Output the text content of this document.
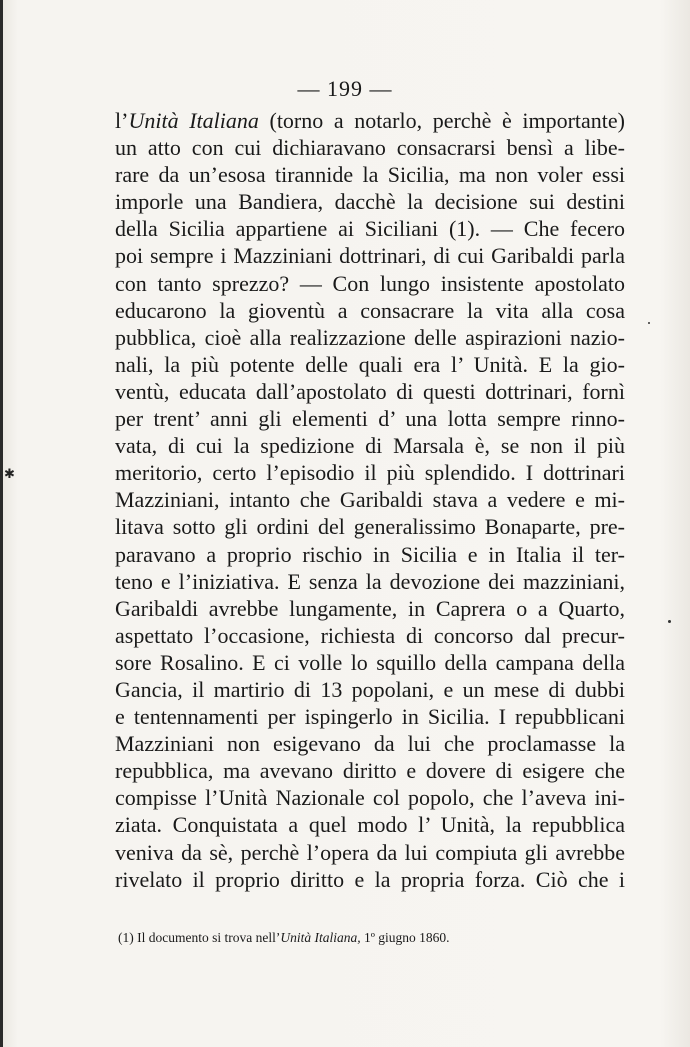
— 199 —
✱
l’Unità Italiana (torno a notarlo, perchè è importante)
un atto con cui dichiaravano consacrarsi bensì a libe-
rare da un’esosa tirannide la Sicilia, ma non voler essi
imporle una Bandiera, dacchè la decisione sui destini
della Sicilia appartiene ai Siciliani (1). — Che fecero
poi sempre i Mazziniani dottrinari, di cui Garibaldi parla
con tanto sprezzo? — Con lungo insistente apostolato
educarono la gioventù a consacrare la vita alla cosa
pubblica, cioè alla realizzazione delle aspirazioni nazio-
nali, la più potente delle quali era l’ Unità. E la gio-
ventù, educata dall’apostolato di questi dottrinari, fornì
per trent’ anni gli elementi d’ una lotta sempre rinno-
vata, di cui la spedizione di Marsala è, se non il più
meritorio, certo l’episodio il più splendido. I dottrinari
Mazziniani, intanto che Garibaldi stava a vedere e mi-
litava sotto gli ordini del generalissimo Bonaparte, pre-
paravano a proprio rischio in Sicilia e in Italia il ter-
teno e l’iniziativa. E senza la devozione dei mazziniani,
Garibaldi avrebbe lungamente, in Caprera o a Quarto,
aspettato l’occasione, richiesta di concorso dal precur-
sore Rosalino. E ci volle lo squillo della campana della
Gancia, il martirio di 13 popolani, e un mese di dubbi
e tentennamenti per ispingerlo in Sicilia. I repubblicani
Mazziniani non esigevano da lui che proclamasse la
repubblica, ma avevano diritto e dovere di esigere che
compisse l’Unità Nazionale col popolo, che l’aveva ini-
ziata. Conquistata a quel modo l’ Unità, la repubblica
veniva da sè, perchè l’opera da lui compiuta gli avrebbe
rivelato il proprio diritto e la propria forza. Ciò che i
(1) Il documento si trova nell’Unità Italiana, 1º giugno 1860.
